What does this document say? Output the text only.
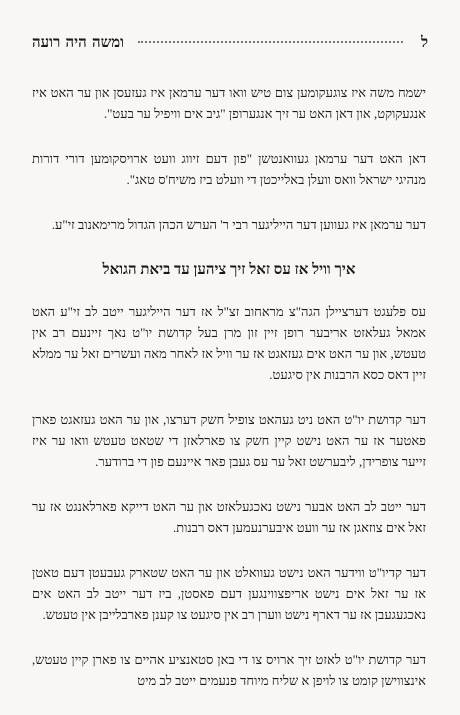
ל
ומשה היה רועה

ישמח משה איז צוגעקומען צום טיש וואו דער ערמאן איז געזעסן און ער האט איז אנגעקוקט, און דאן האט ער זיך אנגערופן "גיב אים וויפיל ער בעט".

דאן האט דער ערמאן געוואנטשן "פון דעם זיווג וועט ארויסקומען דורי דורות מנהיגי ישראל וואס וועלן באלייכטן די וועלט ביז משיח'ס טאג".

דער ערמאן איז געווען דער הייליגער רבי ר' הערש הכהן הגדול מרימאנוב זי"ע.

איך וויל אז עס זאל זיך ציהען עד ביאת הגואל

עס פלעגט דערציילן הגה"צ מראחוב זצ"ל אז דער הייליגער ייטב לב זי"ע האט אמאל געלאזט אריבער רופן זיין זון מרן בעל קדושת יו"ט נאך זיינעם רב אין טעטש, און ער האט אים געזאגט אז ער וויל אז לאחר מאה ועשרים זאל ער ממלא זיין דאס כסא הרבנות אין סיגעט.

דער קדושת יו"ט האט ניט געהאט צופיל חשק דערצו, און ער האט געזאגט פארן פאטער אז ער האט נישט קיין חשק צו פארלאזן די שטאט טעטש וואו ער איז זייער צופרידן, ליבערשט זאל ער עס געבן פאר איינעם פון די ברודער.

דער ייטב לב האט אבער נישט נאכגעלאזט און ער האט דייקא פארלאנגט אז ער זאל אים צוזאגן אז ער וועט איבערנעמען דאס רבנות.

דער קדיו"ט ווידער האט נישט געוואלט און ער האט שטארק געבעטן דעם טאטן אז ער זאל אים נישט אריפצווינגען דעם פאסטן, ביז דער ייטב לב האט אים נאכגעגעבן אז ער דארף נישט ווערן רב אין סיגעט צו קענן פארבלייבן אין טעטש.

דער קדושת יו"ט לאזט זיך ארויס צו די באן סטאנציע אהיים צו פארן קיין טעטש, אינצווישן קומט צו לויפן א שליח מיוחד פנעמים ייטב לב מיט
